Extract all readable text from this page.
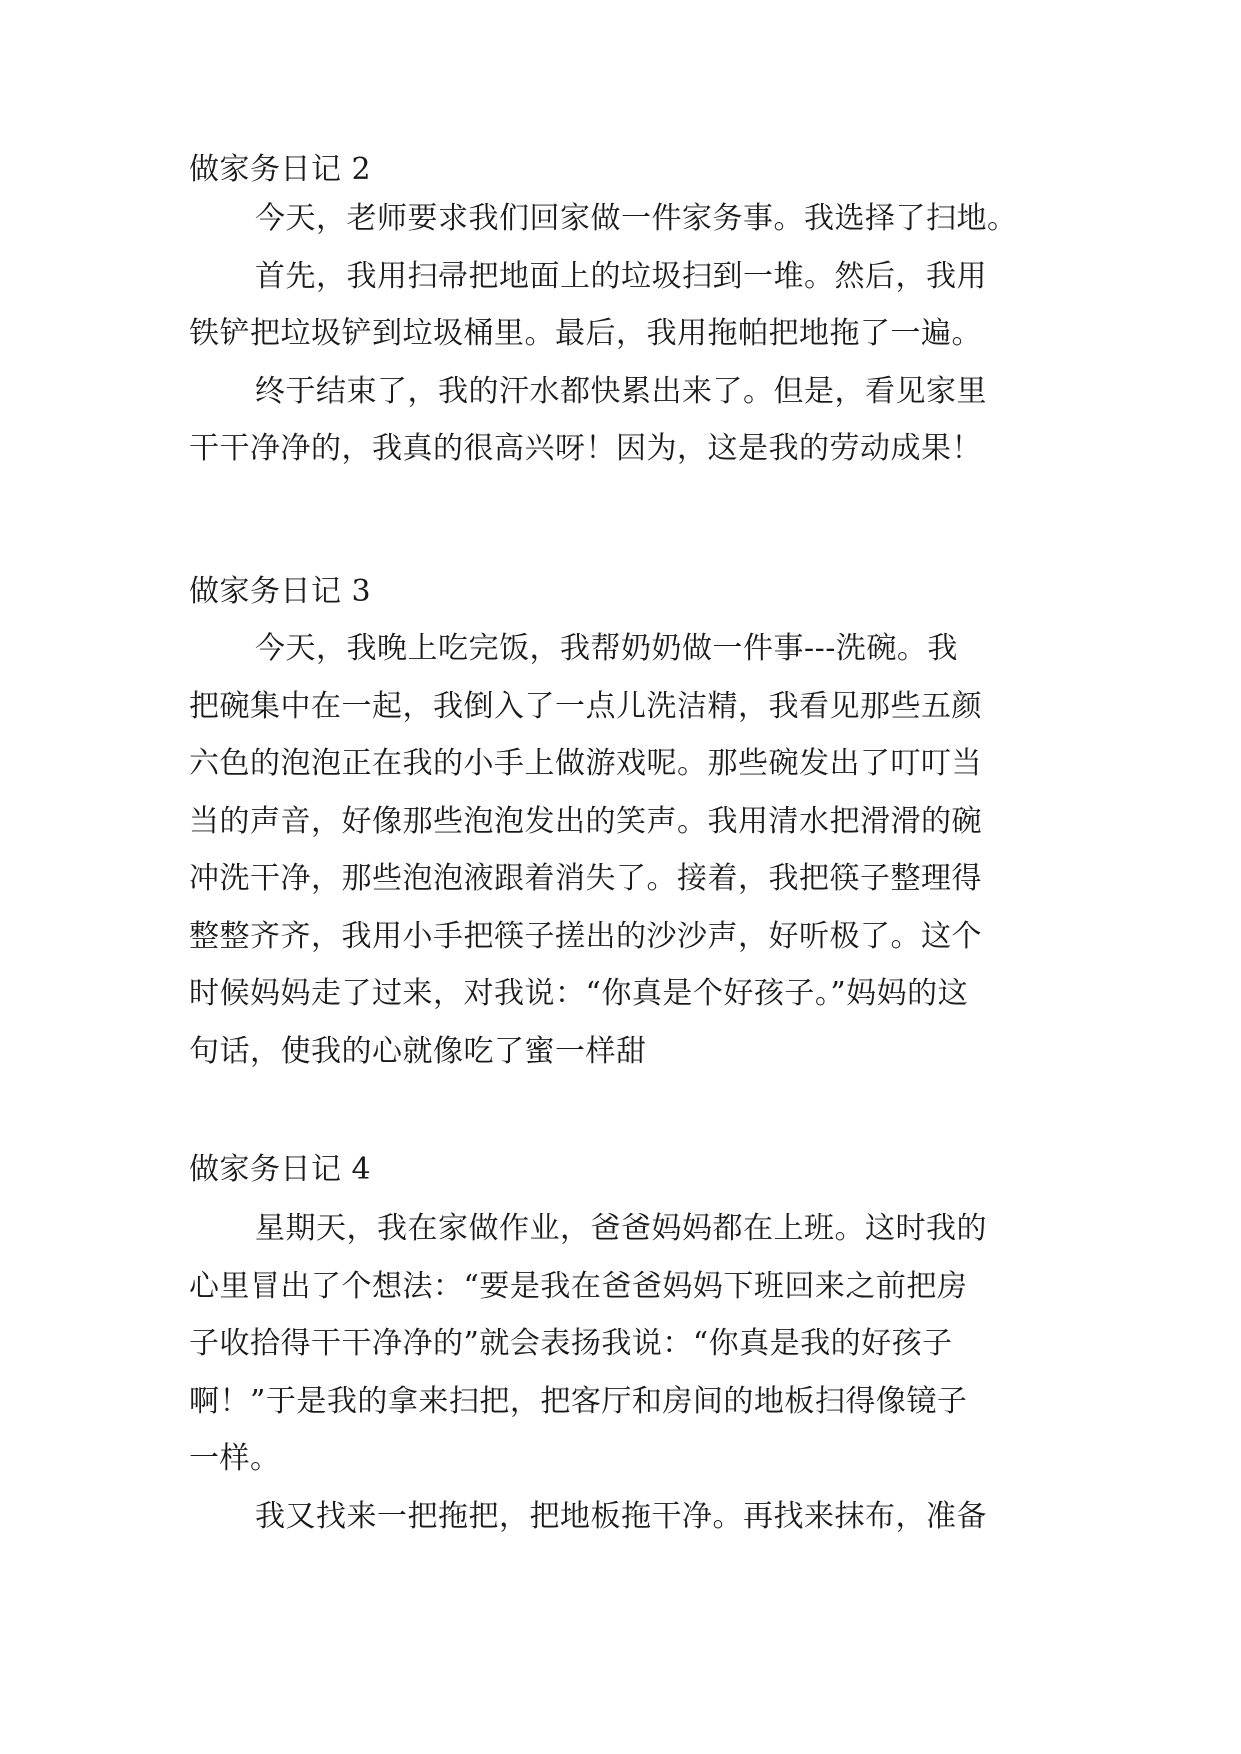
做家务日记 2
今天，老师要求我们回家做一件家务事。我选择了扫地。
首先，我用扫帚把地面上的垃圾扫到一堆。然后，我用
铁铲把垃圾铲到垃圾桶里。最后，我用拖帕把地拖了一遍。
终于结束了，我的汗水都快累出来了。但是，看见家里
干干净净的，我真的很高兴呀！因为，这是我的劳动成果！
做家务日记 3
今天，我晚上吃完饭，我帮奶奶做一件事---洗碗。我
把碗集中在一起，我倒入了一点儿洗洁精，我看见那些五颜
六色的泡泡正在我的小手上做游戏呢。那些碗发出了叮叮当
当的声音，好像那些泡泡发出的笑声。我用清水把滑滑的碗
冲洗干净，那些泡泡液跟着消失了。接着，我把筷子整理得
整整齐齐，我用小手把筷子搓出的沙沙声，好听极了。这个
时候妈妈走了过来，对我说：“你真是个好孩子。”妈妈的这
句话，使我的心就像吃了蜜一样甜
做家务日记 4
星期天，我在家做作业，爸爸妈妈都在上班。这时我的
心里冒出了个想法：“要是我在爸爸妈妈下班回来之前把房
子收拾得干干净净的”就会表扬我说：“你真是我的好孩子
啊！”于是我的拿来扫把，把客厅和房间的地板扫得像镜子
一样。
我又找来一把拖把，把地板拖干净。再找来抹布，准备
